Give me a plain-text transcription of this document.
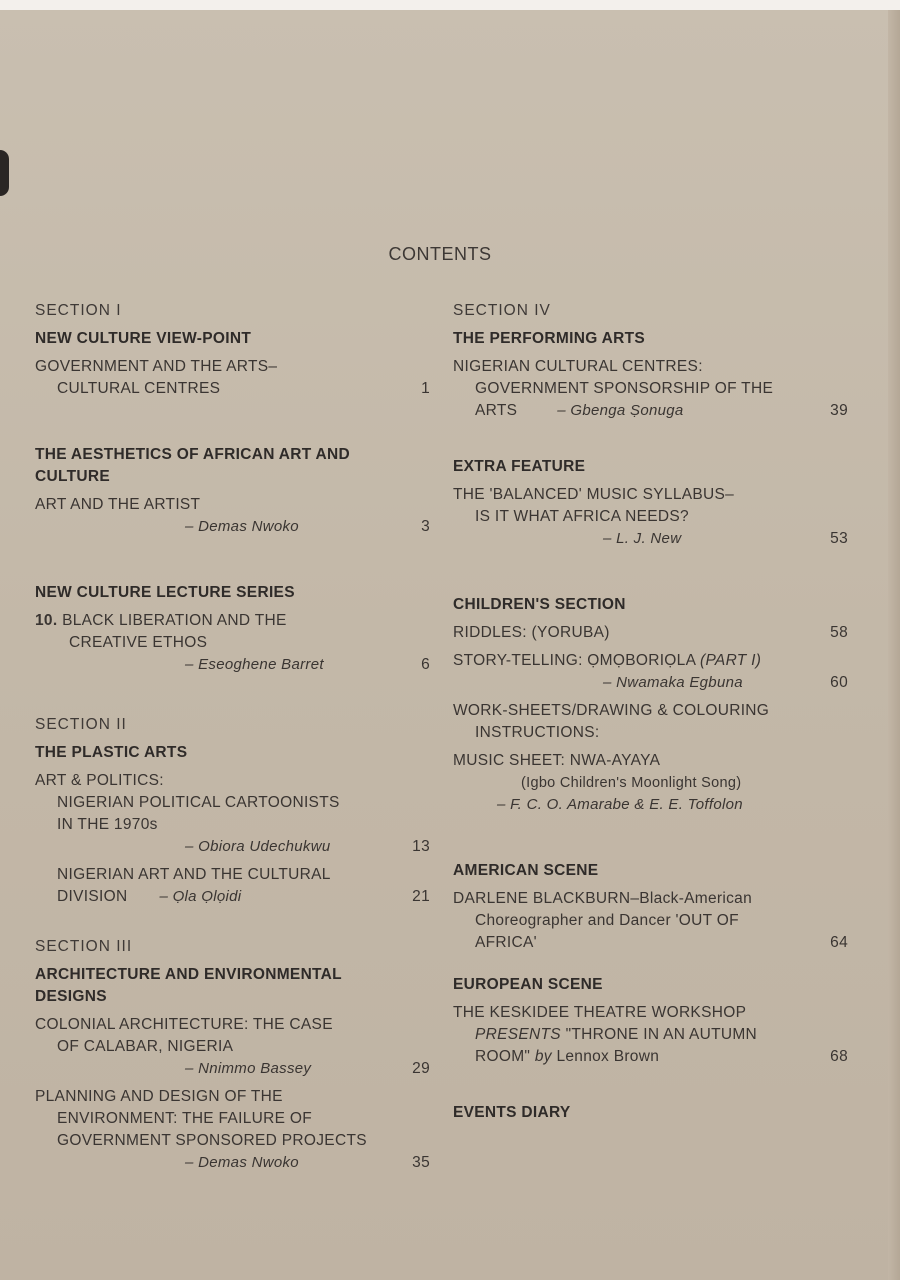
CONTENTS
SECTION I
NEW CULTURE VIEW-POINT
GOVERNMENT AND THE ARTS–
CULTURAL CENTRES	1
THE AESTHETICS OF AFRICAN ART AND
CULTURE
ART AND THE ARTIST
– Demas Nwoko	3
NEW CULTURE LECTURE SERIES
10. BLACK LIBERATION AND THE
CREATIVE ETHOS
– Eseoghene Barret	6
SECTION II
THE PLASTIC ARTS
ART & POLITICS:
NIGERIAN POLITICAL CARTOONISTS
IN THE 1970s
– Obiora Udechukwu	13
NIGERIAN ART AND THE CULTURAL
DIVISION – Ọla Ọlọidi	21
SECTION III
ARCHITECTURE AND ENVIRONMENTAL
DESIGNS
COLONIAL ARCHITECTURE: THE CASE
OF CALABAR, NIGERIA
– Nnimmo Bassey	29
PLANNING AND DESIGN OF THE
ENVIRONMENT: THE FAILURE OF
GOVERNMENT SPONSORED PROJECTS
– Demas Nwoko	35
SECTION IV
THE PERFORMING ARTS
NIGERIAN CULTURAL CENTRES:
GOVERNMENT SPONSORSHIP OF THE
ARTS	– Gbenga Ṣonuga	39
EXTRA FEATURE
THE 'BALANCED' MUSIC SYLLABUS–
IS IT WHAT AFRICA NEEDS?
– L. J. New	53
CHILDREN'S SECTION
RIDDLES: (YORUBA)	58
STORY-TELLING: ỌMỌBORIỌLA (PART I)
– Nwamaka Egbuna	60
WORK-SHEETS/DRAWING & COLOURING
INSTRUCTIONS:
MUSIC SHEET: NWA-AYAYA
(Igbo Children's Moonlight Song)
– F. C. O. Amarabe & E. E. Toffolon
AMERICAN SCENE
DARLENE BLACKBURN–Black-American
Choreographer and Dancer 'OUT OF
AFRICA'	64
EUROPEAN SCENE
THE KESKIDEE THEATRE WORKSHOP
PRESENTS "THRONE IN AN AUTUMN
ROOM" by Lennox Brown	68
EVENTS DIARY
